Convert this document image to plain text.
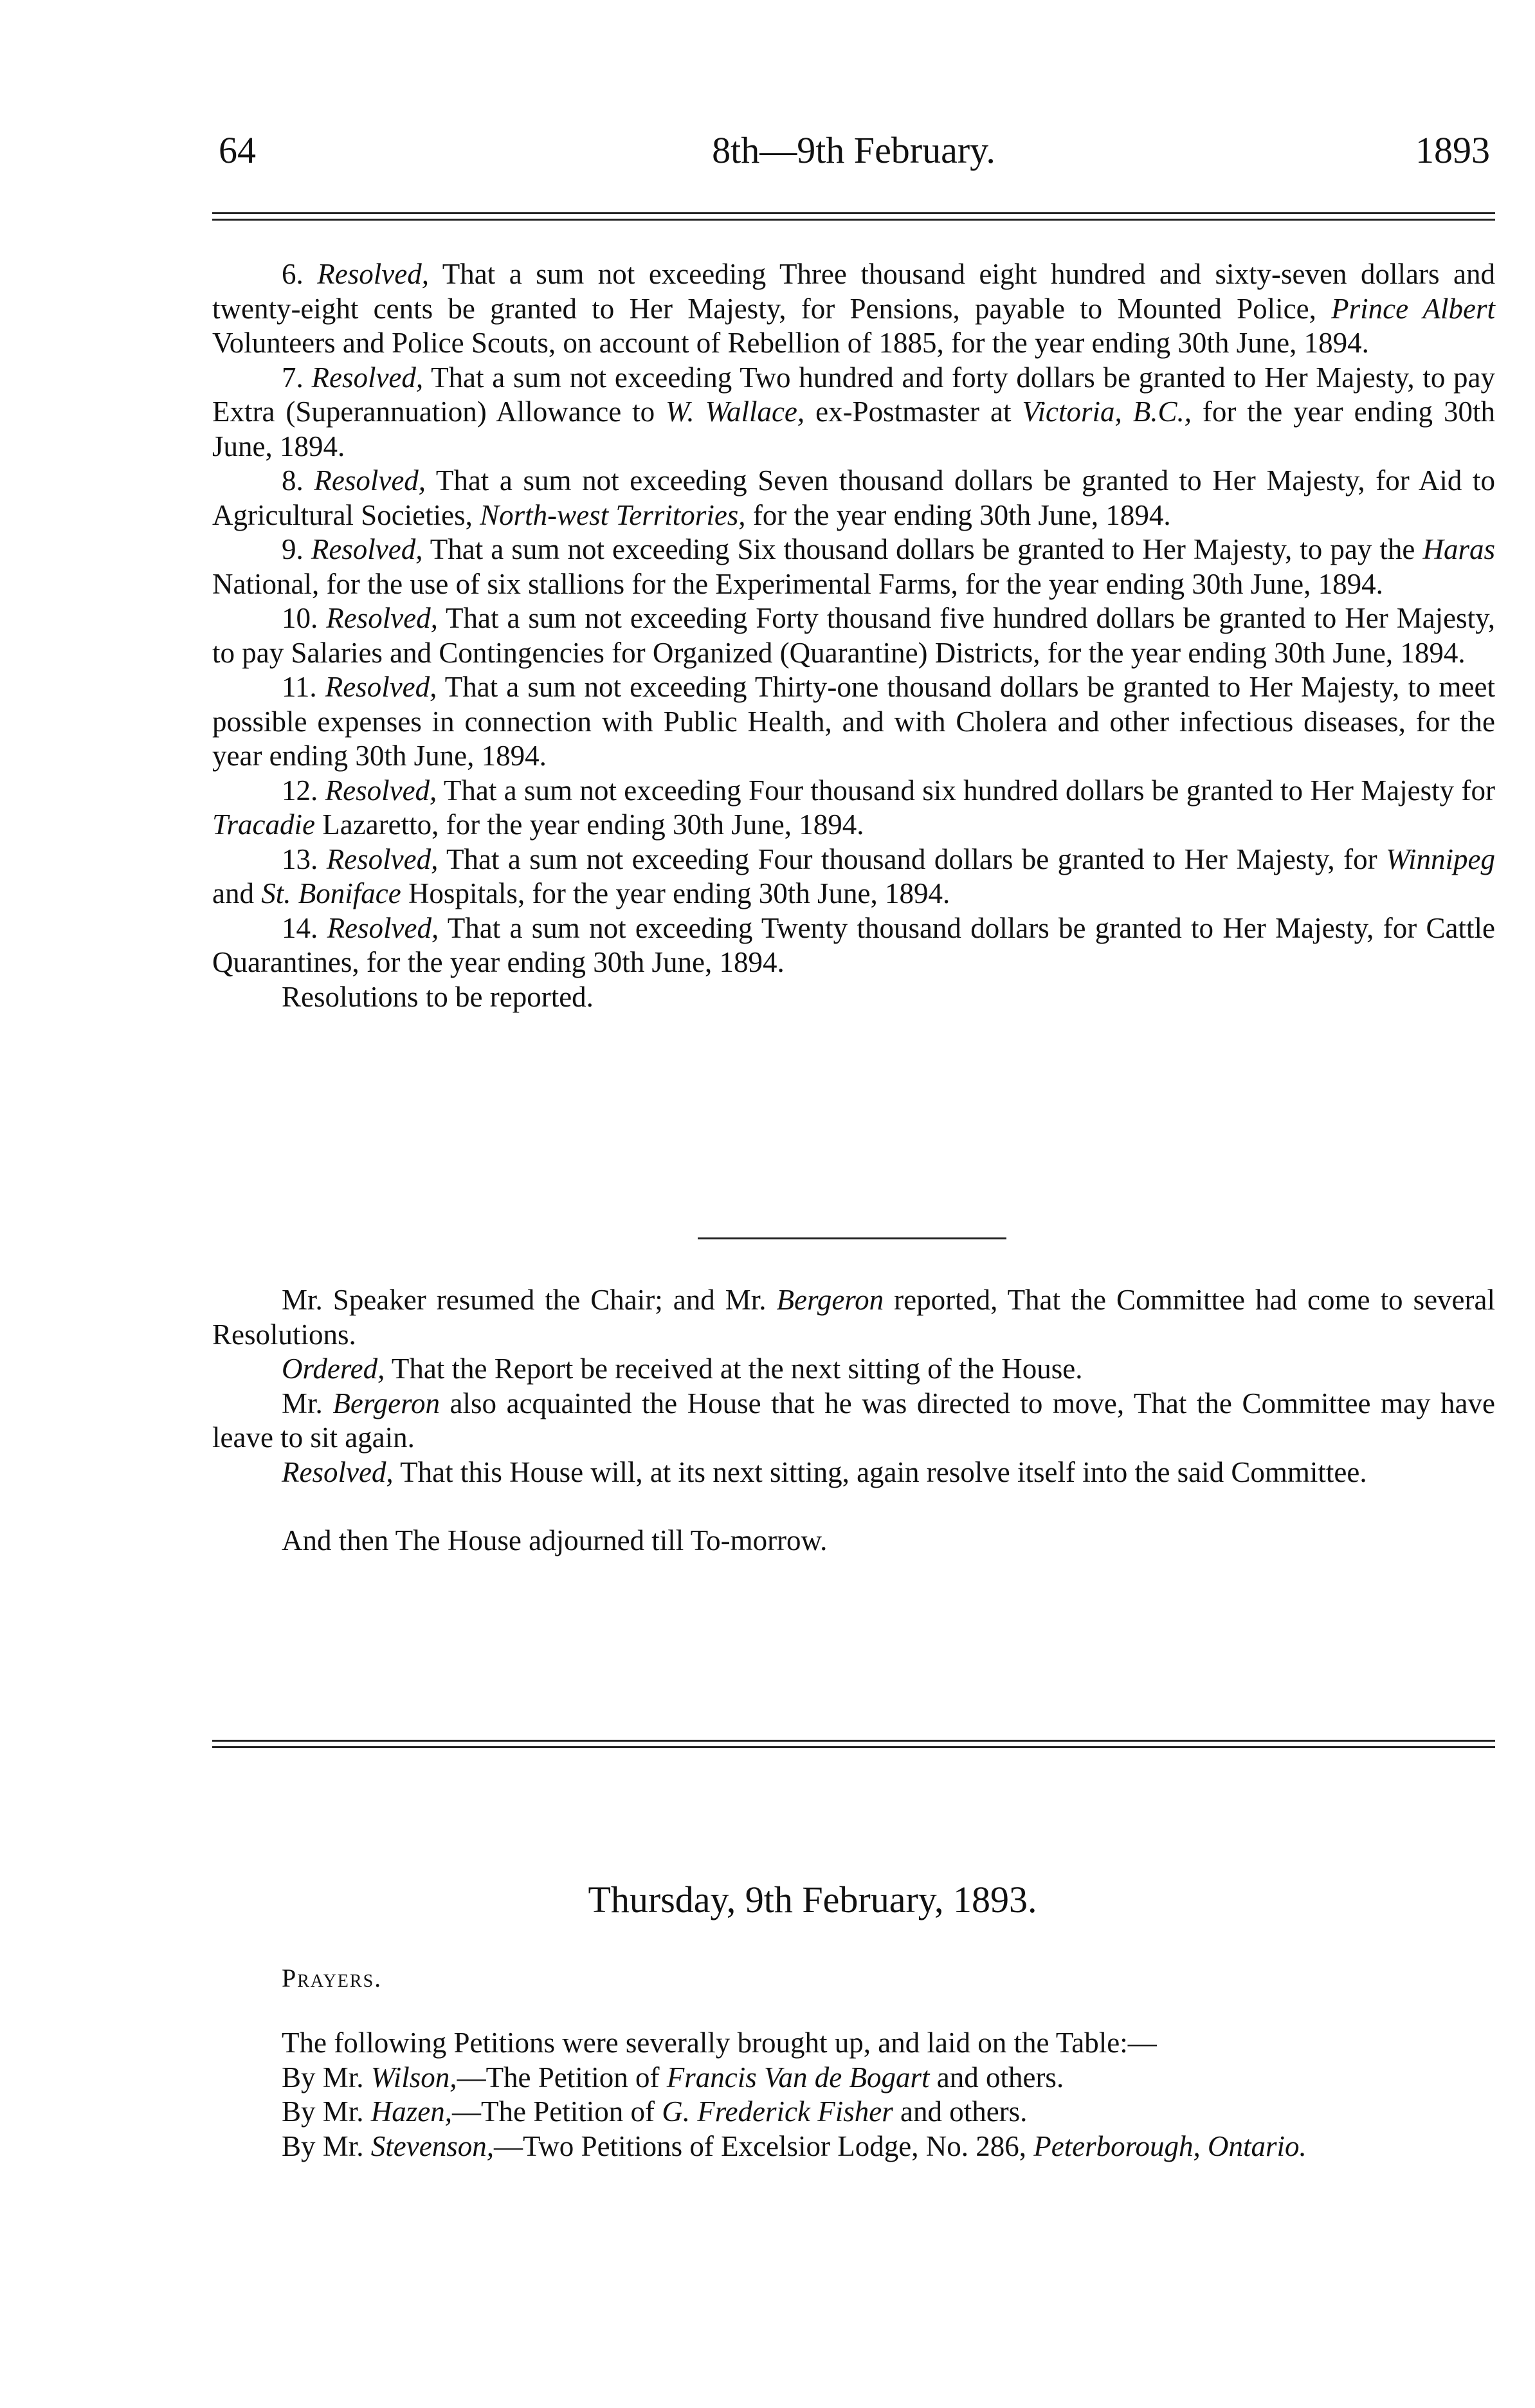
64	8th—9th February.	1893

6. Resolved, That a sum not exceeding Three thousand eight hundred and sixty-seven dollars and twenty-eight cents be granted to Her Majesty, for Pensions, payable to Mounted Police, Prince Albert Volunteers and Police Scouts, on account of Rebellion of 1885, for the year ending 30th June, 1894.

7. Resolved, That a sum not exceeding Two hundred and forty dollars be granted to Her Majesty, to pay Extra (Superannuation) Allowance to W. Wallace, ex-Postmaster at Victoria, B.C., for the year ending 30th June, 1894.

8. Resolved, That a sum not exceeding Seven thousand dollars be granted to Her Majesty, for Aid to Agricultural Societies, North-west Territories, for the year ending 30th June, 1894.

9. Resolved, That a sum not exceeding Six thousand dollars be granted to Her Majesty, to pay the Haras National, for the use of six stallions for the Experimental Farms, for the year ending 30th June, 1894.

10. Resolved, That a sum not exceeding Forty thousand five hundred dollars be granted to Her Majesty, to pay Salaries and Contingencies for Organized (Quarantine) Districts, for the year ending 30th June, 1894.

11. Resolved, That a sum not exceeding Thirty-one thousand dollars be granted to Her Majesty, to meet possible expenses in connection with Public Health, and with Cholera and other infectious diseases, for the year ending 30th June, 1894.

12. Resolved, That a sum not exceeding Four thousand six hundred dollars be granted to Her Majesty for Tracadie Lazaretto, for the year ending 30th June, 1894.

13. Resolved, That a sum not exceeding Four thousand dollars be granted to Her Majesty, for Winnipeg and St. Boniface Hospitals, for the year ending 30th June, 1894.

14. Resolved, That a sum not exceeding Twenty thousand dollars be granted to Her Majesty, for Cattle Quarantines, for the year ending 30th June, 1894.

Resolutions to be reported.

Mr. Speaker resumed the Chair; and Mr. Bergeron reported, That the Committee had come to several Resolutions.

Ordered, That the Report be received at the next sitting of the House.

Mr. Bergeron also acquainted the House that he was directed to move, That the Committee may have leave to sit again.

Resolved, That this House will, at its next sitting, again resolve itself into the said Committee.

And then The House adjourned till To-morrow.

Thursday, 9th February, 1893.
Prayers.

The following Petitions were severally brought up, and laid on the Table:—

By Mr. Wilson,—The Petition of Francis Van de Bogart and others.

By Mr. Hazen,—The Petition of G. Frederick Fisher and others.

By Mr. Stevenson,—Two Petitions of Excelsior Lodge, No. 286, Peterborough, Ontario.
